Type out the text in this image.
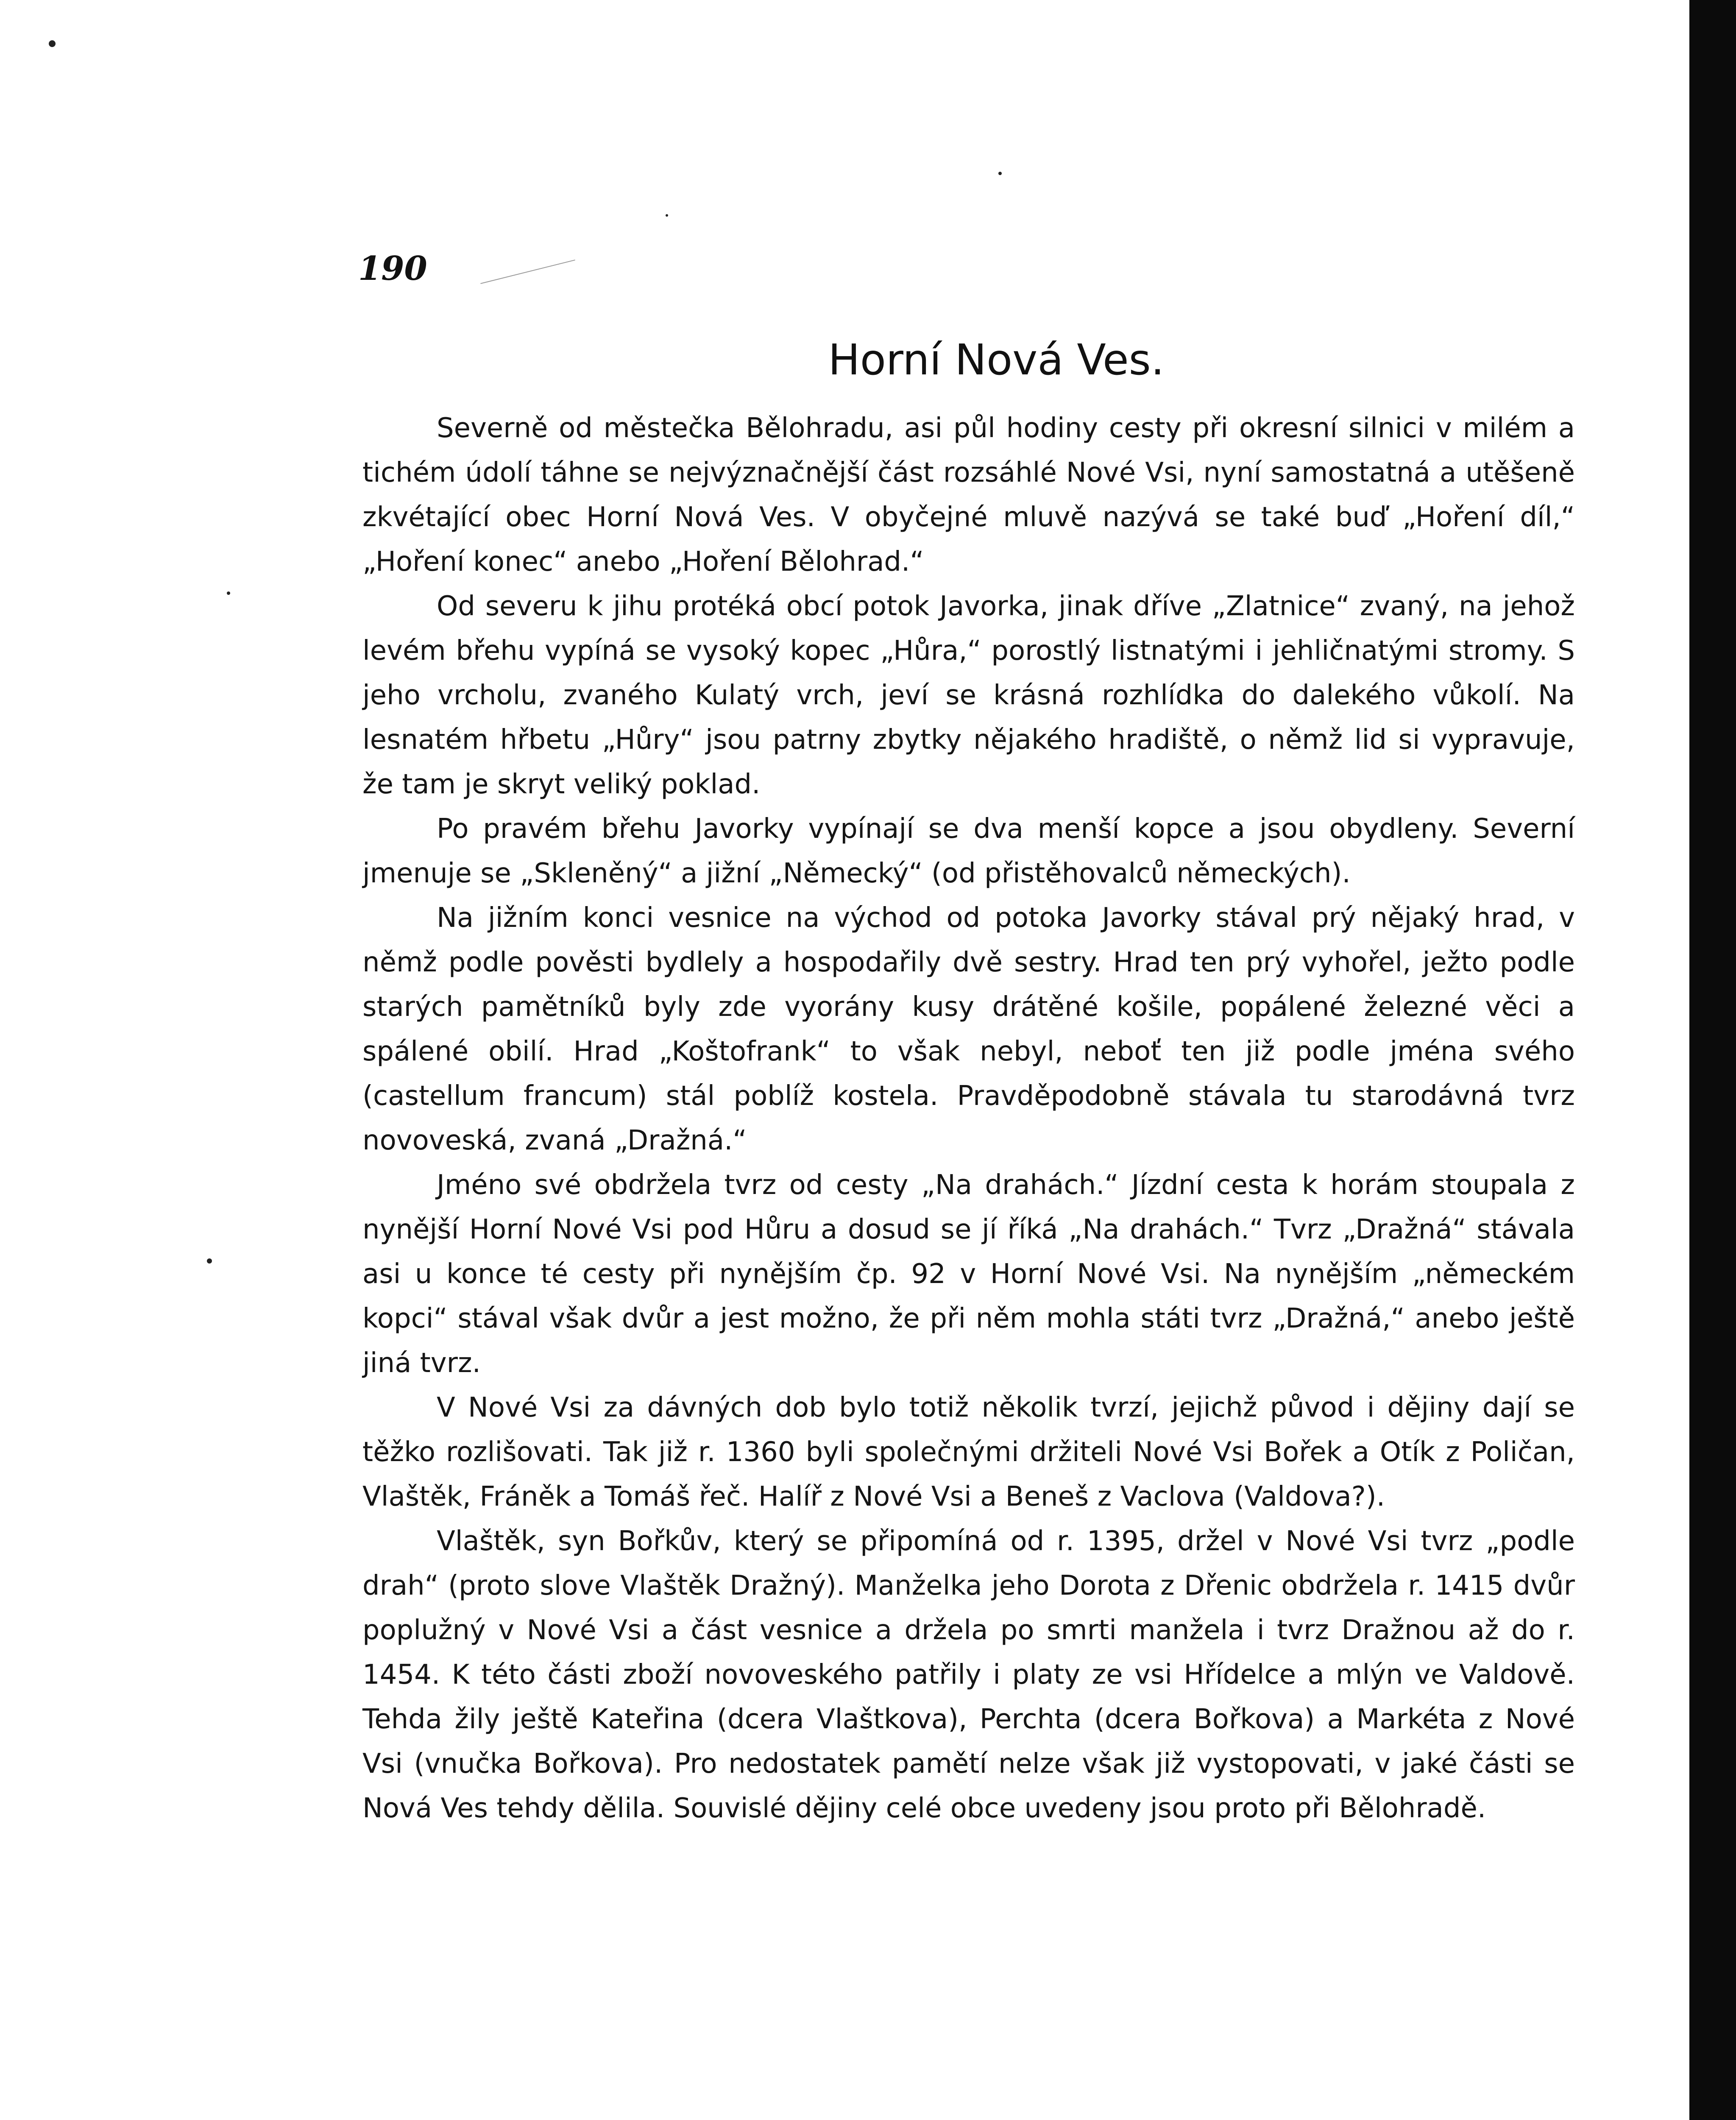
190
Horní Nová Ves.

Severně od městečka Bělohradu, asi půl hodiny cesty při okresní silnici v milém a tichém údolí táhne se nejvýznačnější část rozsáhlé Nové Vsi, nyní samostatná a utěšeně zkvétající obec Horní Nová Ves. V obyčejné mluvě nazývá se také buď „Hoření díl,“ „Hoření konec“ anebo „Hoření Bělohrad.“

Od severu k jihu protéká obcí potok Javorka, jinak dříve „Zlatnice“ zvaný, na jehož levém břehu vypíná se vysoký kopec „Hůra,“ porostlý listnatými i jehličnatými stromy. S jeho vrcholu, zvaného Kulatý vrch, jeví se krásná rozhlídka do dalekého vůkolí. Na lesnatém hřbetu „Hůry“ jsou patrny zbytky nějakého hradiště, o němž lid si vypravuje, že tam je skryt veliký poklad.

Po pravém břehu Javorky vypínají se dva menší kopce a jsou obydleny. Severní jmenuje se „Skleněný“ a jižní „Německý“ (od přistěhovalců německých).

Na jižním konci vesnice na východ od potoka Javorky stával prý nějaký hrad, v němž podle pověsti bydlely a hospodařily dvě sestry. Hrad ten prý vyhořel, ježto podle starých pamětníků byly zde vyorány kusy drátěné košile, popálené železné věci a spálené obilí. Hrad „Koštofrank“ to však nebyl, neboť ten již podle jména svého (castellum francum) stál poblíž kostela. Pravděpodobně stávala tu starodávná tvrz novoveská, zvaná „Dražná.“

Jméno své obdržela tvrz od cesty „Na drahách.“ Jízdní cesta k horám stoupala z nynější Horní Nové Vsi pod Hůru a dosud se jí říká „Na drahách.“ Tvrz „Dražná“ stávala asi u konce té cesty při nynějším čp. 92 v Horní Nové Vsi. Na nynějším „německém kopci“ stával však dvůr a jest možno, že při něm mohla státi tvrz „Dražná,“ anebo ještě jiná tvrz.

V Nové Vsi za dávných dob bylo totiž několik tvrzí, jejichž původ i dějiny dají se těžko rozlišovati. Tak již r. 1360 byli společnými držiteli Nové Vsi Bořek a Otík z Poličan, Vlaštěk, Fráněk a Tomáš řeč. Halíř z Nové Vsi a Beneš z Vaclova (Valdova?).

Vlaštěk, syn Bořkův, který se připomíná od r. 1395, držel v Nové Vsi tvrz „podle drah“ (proto slove Vlaštěk Dražný). Manželka jeho Dorota z Dřenic obdržela r. 1415 dvůr poplužný v Nové Vsi a část vesnice a držela po smrti manžela i tvrz Dražnou až do r. 1454. K této části zboží novoveského patřily i platy ze vsi Hřídelce a mlýn ve Valdově. Tehda žily ještě Kateřina (dcera Vlaštkova), Perchta (dcera Bořkova) a Markéta z Nové Vsi (vnučka Bořkova). Pro nedostatek pamětí nelze však již vystopovati, v jaké části se Nová Ves tehdy dělila. Souvislé dějiny celé obce uvedeny jsou proto při Bělohradě.
